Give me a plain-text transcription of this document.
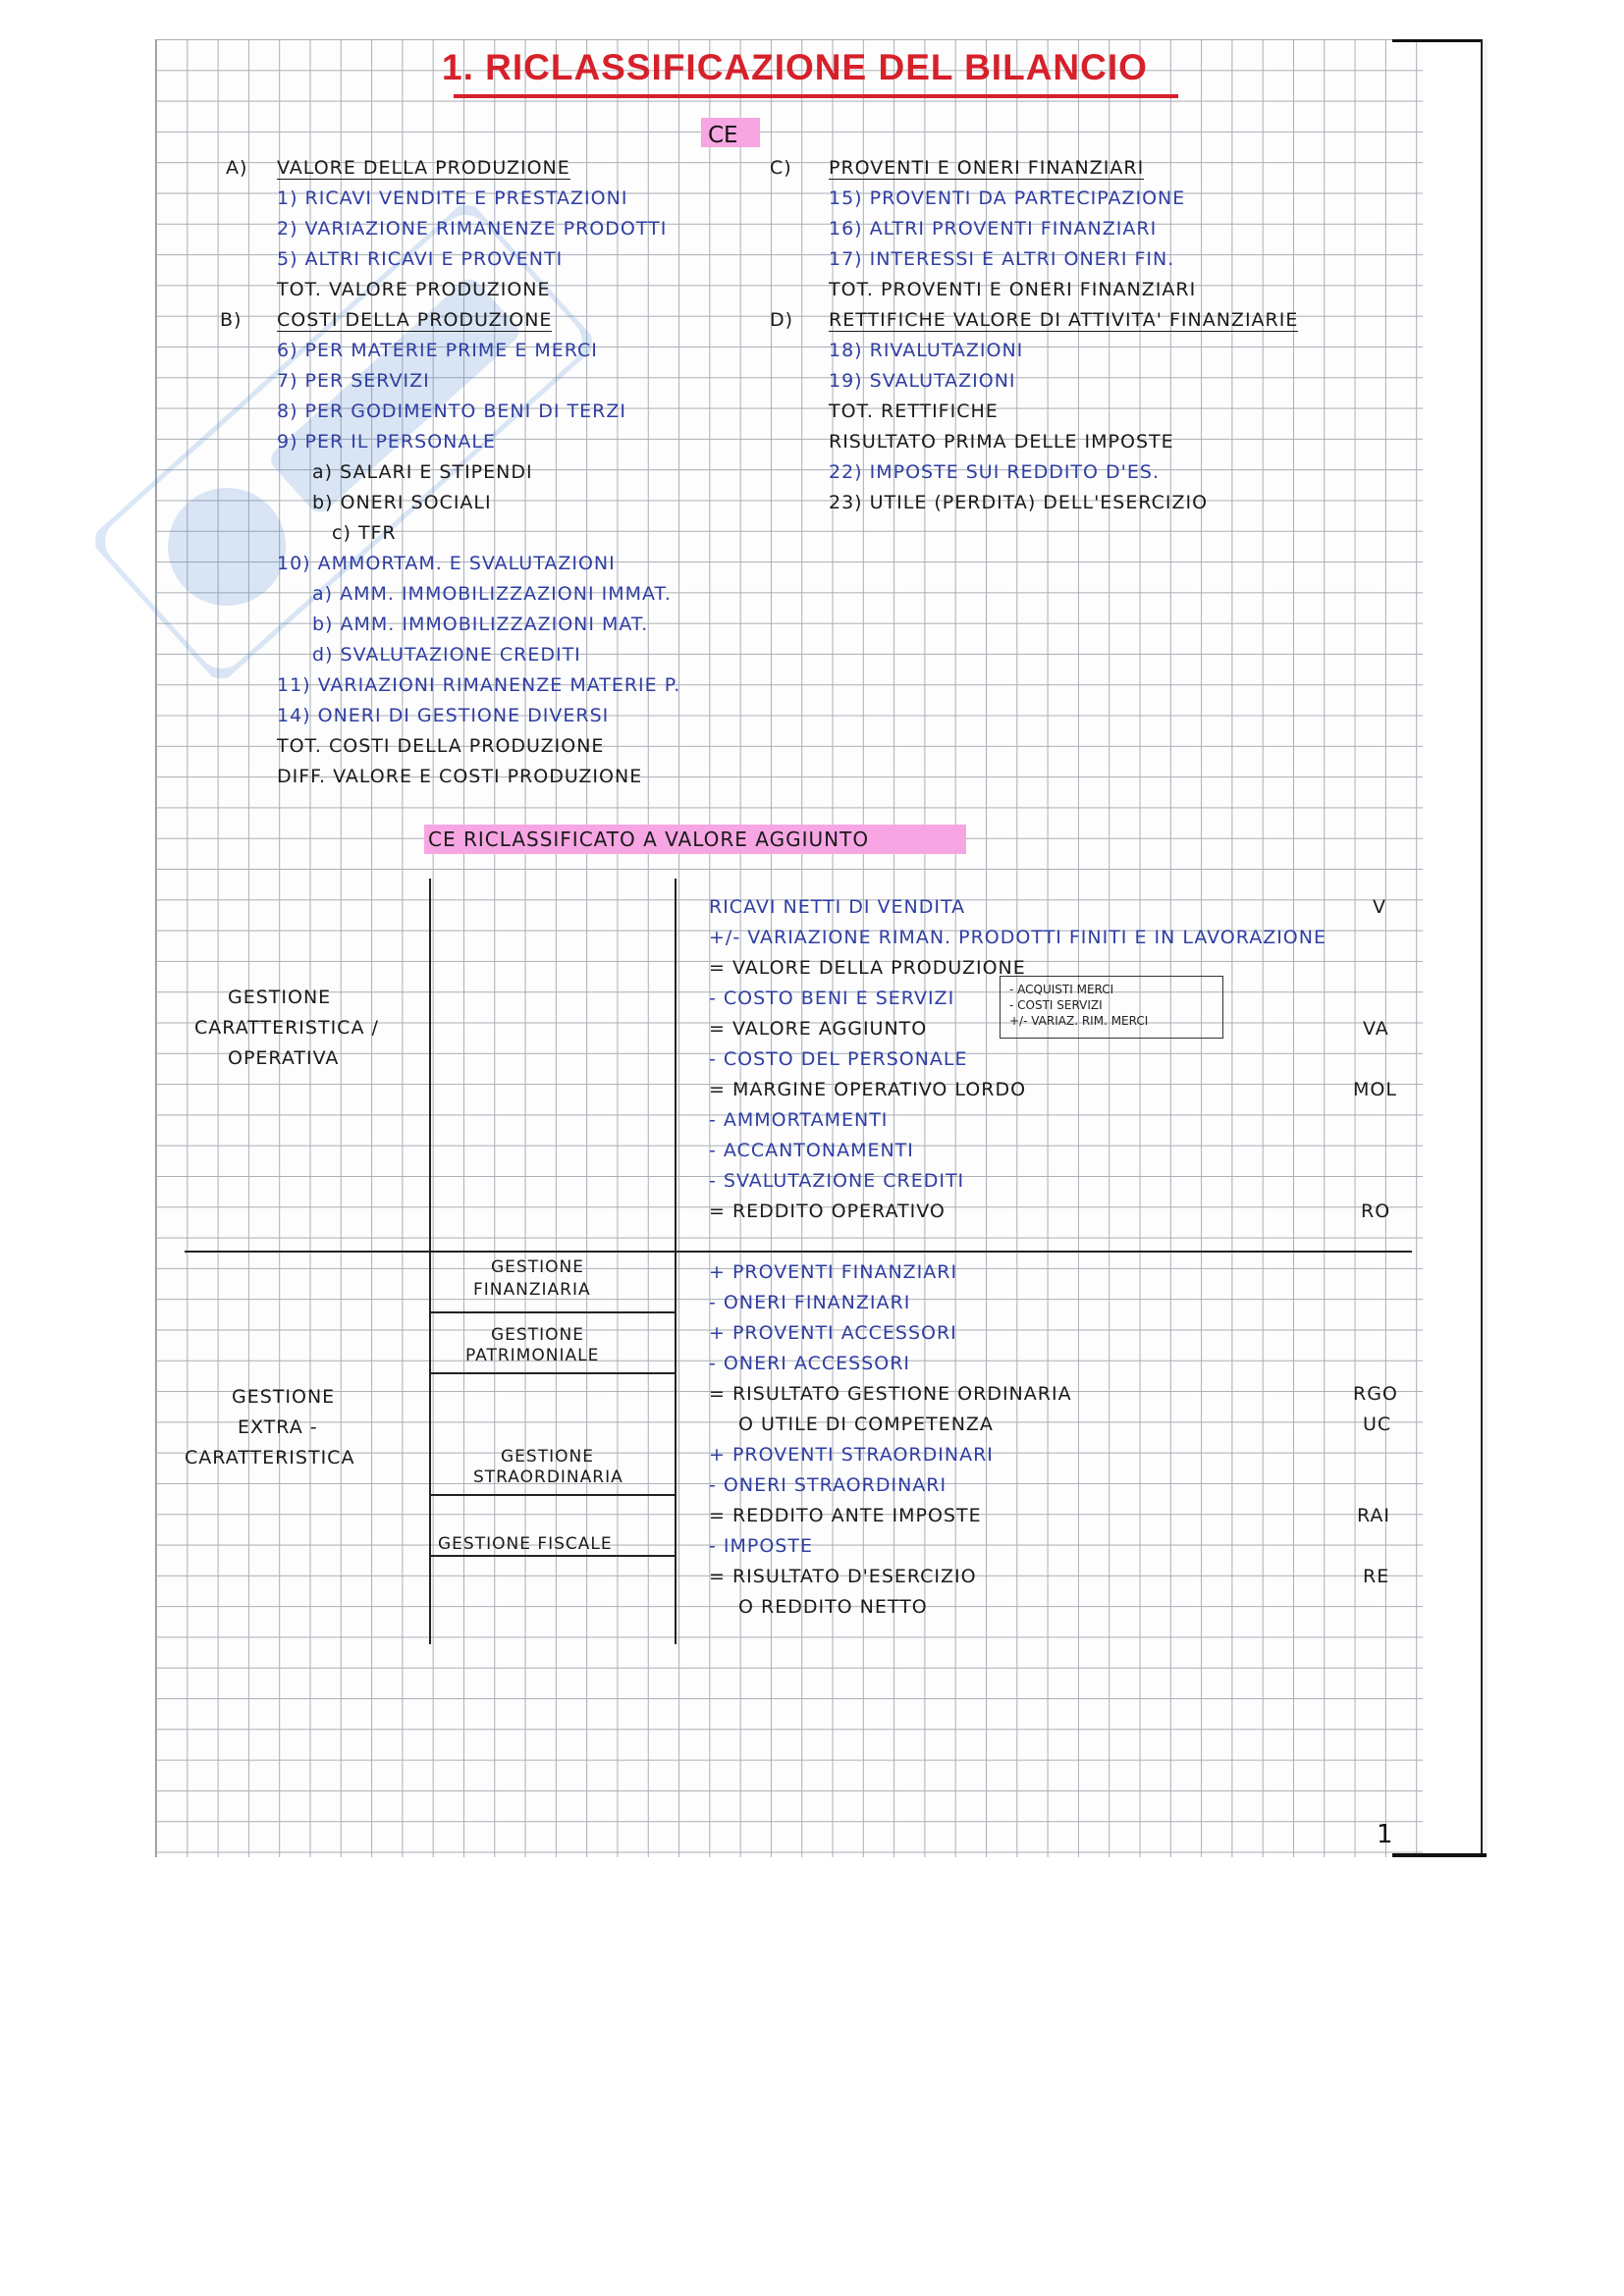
1. RICLASSIFICAZIONE DEL BILANCIO
CE
A) VALORE DELLA PRODUZIONE
1) RICAVI VENDITE E PRESTAZIONI
2) VARIAZIONE RIMANENZE PRODOTTI
5) ALTRI RICAVI E PROVENTI
TOT. VALORE PRODUZIONE
B) COSTI DELLA PRODUZIONE
6) PER MATERIE PRIME E MERCI
7) PER SERVIZI
8) PER GODIMENTO BENI DI TERZI
9) PER IL PERSONALE
a) SALARI E STIPENDI
b) ONERI SOCIALI
c) TFR
10) AMMORTAM. E SVALUTAZIONI
a) AMM. IMMOBILIZZAZIONI IMMAT.
b) AMM. IMMOBILIZZAZIONI MAT.
d) SVALUTAZIONE CREDITI
11) VARIAZIONI RIMANENZE MATERIE P.
14) ONERI DI GESTIONE DIVERSI
TOT. COSTI DELLA PRODUZIONE
DIFF. VALORE E COSTI PRODUZIONE
C) PROVENTI E ONERI FINANZIARI
15) PROVENTI DA PARTECIPAZIONE
16) ALTRI PROVENTI FINANZIARI
17) INTERESSI E ALTRI ONERI FIN.
TOT. PROVENTI E ONERI FINANZIARI
D) RETTIFICHE VALORE DI ATTIVITA' FINANZIARIE
18) RIVALUTAZIONI
19) SVALUTAZIONI
TOT. RETTIFICHE
RISULTATO PRIMA DELLE IMPOSTE
22) IMPOSTE SUI REDDITO D'ES.
23) UTILE (PERDITA) DELL'ESERCIZIO
CE RICLASSIFICATO A VALORE AGGIUNTO
GESTIONE
CARATTERISTICA /
OPERATIVA
GESTIONE
EXTRA -
CARATTERISTICA
GESTIONE
FINANZIARIA
GESTIONE
PATRIMONIALE
GESTIONE
STRAORDINARIA
GESTIONE FISCALE
RICAVI NETTI DI VENDITA
+/- VARIAZIONE RIMAN. PRODOTTI FINITI E IN LAVORAZIONE
= VALORE DELLA PRODUZIONE
- COSTO BENI E SERVIZI
= VALORE AGGIUNTO
- COSTO DEL PERSONALE
= MARGINE OPERATIVO LORDO
- AMMORTAMENTI
- ACCANTONAMENTI
- SVALUTAZIONE CREDITI
= REDDITO OPERATIVO
+ PROVENTI FINANZIARI
- ONERI FINANZIARI
+ PROVENTI ACCESSORI
- ONERI ACCESSORI
= RISULTATO GESTIONE ORDINARIA
O UTILE DI COMPETENZA
+ PROVENTI STRAORDINARI
- ONERI STRAORDINARI
= REDDITO ANTE IMPOSTE
- IMPOSTE
= RISULTATO D'ESERCIZIO
O REDDITO NETTO
- ACQUISTI MERCI
- COSTI SERVIZI
+/- VARIAZ. RIM. MERCI
V
VA
MOL
RO
RGO
UC
RAI
RE
1
